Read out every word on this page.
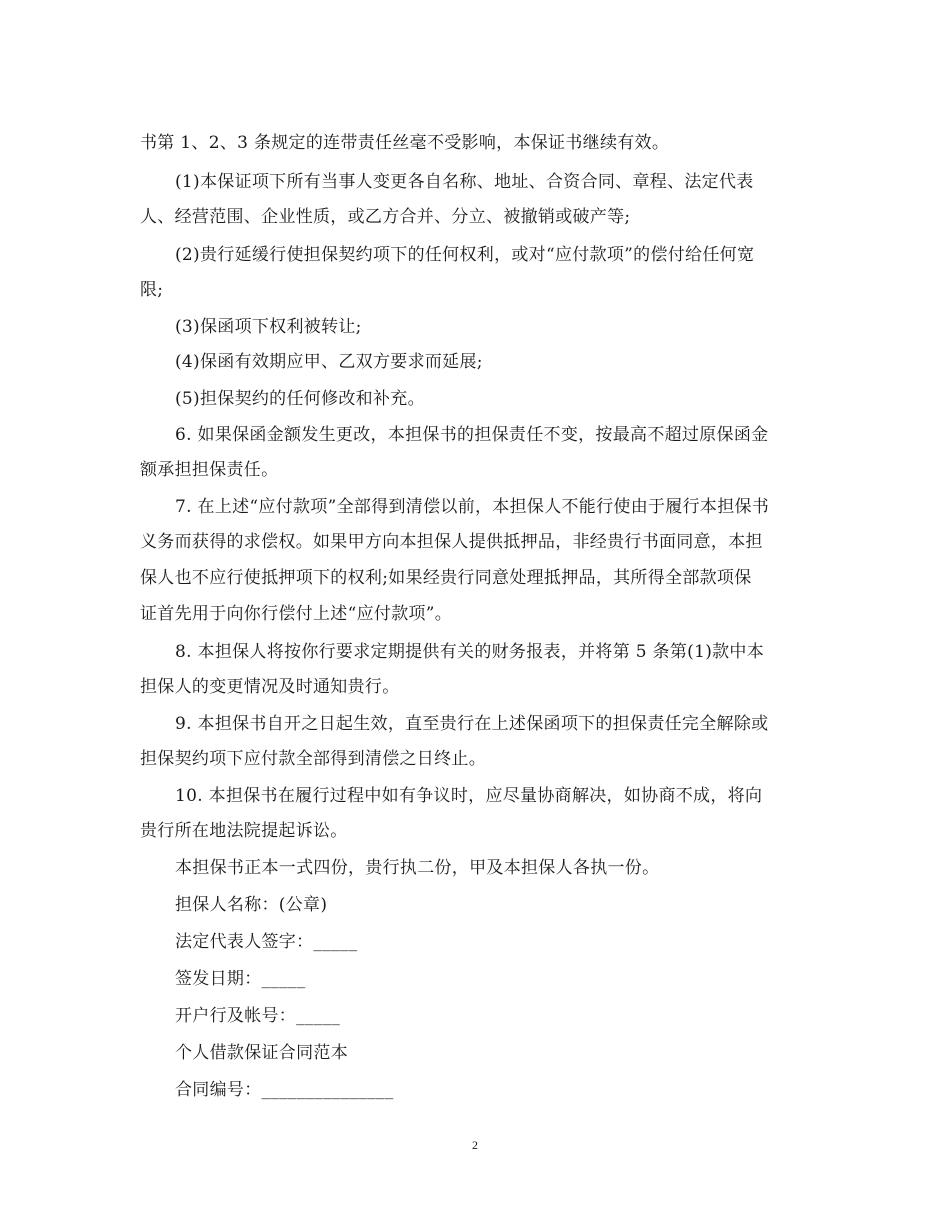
书第 1、2、3 条规定的连带责任丝毫不受影响，本保证书继续有效。
(1)本保证项下所有当事人变更各自名称、地址、合资合同、章程、法定代表
人、经营范围、企业性质，或乙方合并、分立、被撤销或破产等;
(2)贵行延缓行使担保契约项下的任何权利，或对“应付款项”的偿付给任何宽
限;
(3)保函项下权利被转让;
(4)保函有效期应甲、乙双方要求而延展;
(5)担保契约的任何修改和补充。
6. 如果保函金额发生更改，本担保书的担保责任不变，按最高不超过原保函金
额承担担保责任。
7. 在上述“应付款项”全部得到清偿以前，本担保人不能行使由于履行本担保书
义务而获得的求偿权。如果甲方向本担保人提供抵押品，非经贵行书面同意，本担
保人也不应行使抵押项下的权利;如果经贵行同意处理抵押品，其所得全部款项保
证首先用于向你行偿付上述“应付款项”。
8. 本担保人将按你行要求定期提供有关的财务报表，并将第 5 条第(1)款中本
担保人的变更情况及时通知贵行。
9. 本担保书自开之日起生效，直至贵行在上述保函项下的担保责任完全解除或
担保契约项下应付款全部得到清偿之日终止。
10. 本担保书在履行过程中如有争议时，应尽量协商解决，如协商不成，将向
贵行所在地法院提起诉讼。
本担保书正本一式四份，贵行执二份，甲及本担保人各执一份。
担保人名称：(公章)
法定代表人签字：_____
签发日期：_____
开户行及帐号：_____
个人借款保证合同范本
合同编号：_______________
2
